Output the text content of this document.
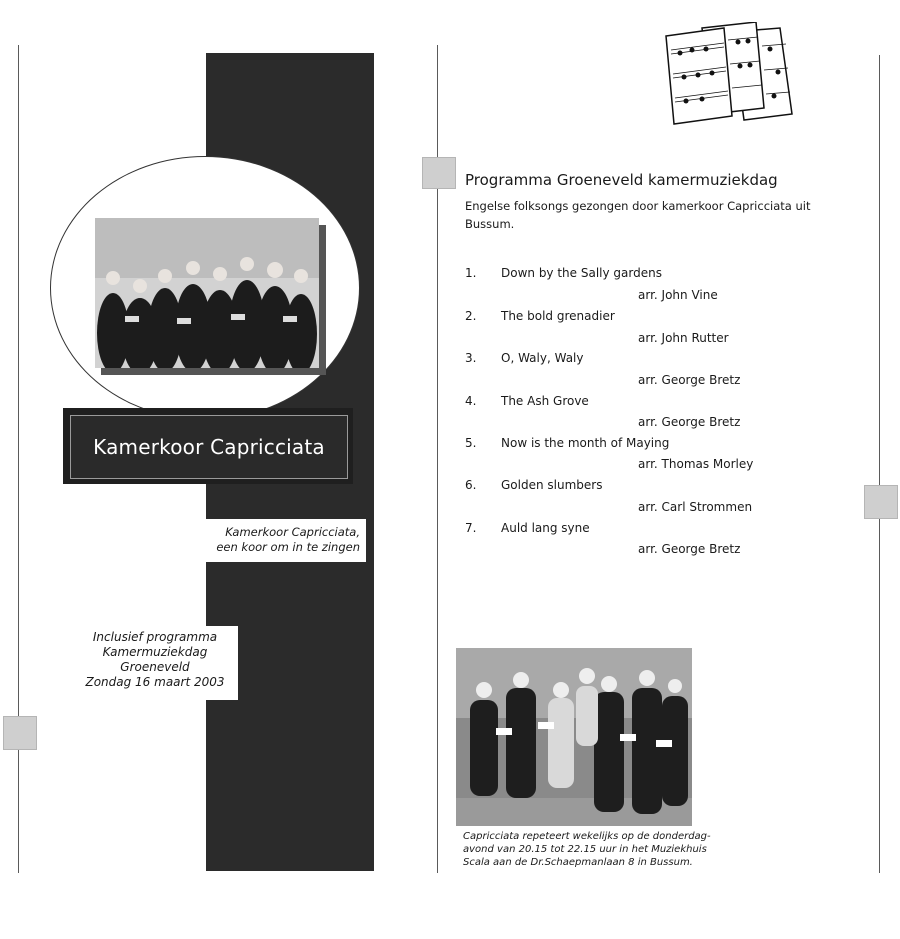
Kamerkoor Capricciata
Kamerkoor Capricciata,
een koor om in te zingen
Inclusief programma
Kamermuziekdag
Groeneveld
Zondag 16 maart 2003
Programma Groeneveld kamermuziekdag
Engelse folksongs gezongen door kamerkoor Capricciata uit Bussum.
1. Down by the Sally gardens
arr. John Vine
2. The bold grenadier
arr. John Rutter
3. O, Waly, Waly
arr. George Bretz
4. The Ash Grove
arr. George Bretz
5. Now is the month of Maying
arr. Thomas Morley
6. Golden slumbers
arr. Carl Strommen
7. Auld lang syne
arr. George Bretz
Capricciata repeteert wekelijks op de donderdag-
avond van 20.15 tot 22.15 uur in het Muziekhuis
Scala aan de Dr.Schaepmanlaan 8 in Bussum.
